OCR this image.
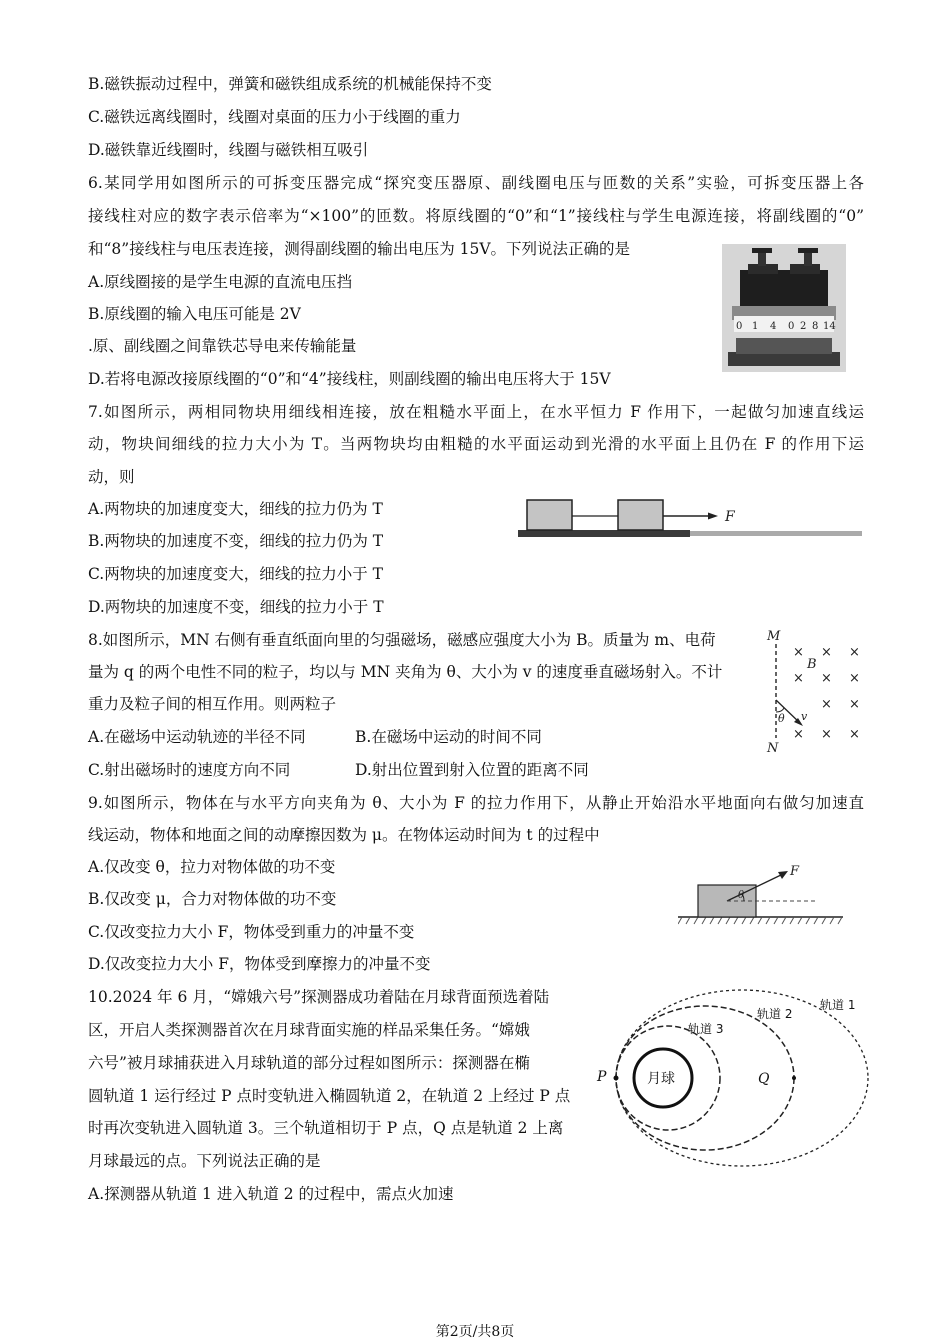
B.磁铁振动过程中，弹簧和磁铁组成系统的机械能保持不变
C.磁铁远离线圈时，线圈对桌面的压力小于线圈的重力
D.磁铁靠近线圈时，线圈与磁铁相互吸引
6.某同学用如图所示的可拆变压器完成“探究变压器原、副线圈电压与匝数的关系”实验，可拆变压器上各
接线柱对应的数字表示倍率为“×100”的匝数。将原线圈的“0”和“1”接线柱与学生电源连接，将副线圈的“0”
和“8”接线柱与电压表连接，测得副线圈的输出电压为 15V。下列说法正确的是
A.原线圈接的是学生电源的直流电压挡
B.原线圈的输入电压可能是 2V
.原、副线圈之间靠铁芯导电来传输能量
D.若将电源改接原线圈的“0”和“4”接线柱，则副线圈的输出电压将大于 15V
0 1 4 0 2 8 14
7.如图所示，两相同物块用细线相连接，放在粗糙水平面上，在水平恒力 F 作用下，一起做匀加速直线运
动，物块间细线的拉力大小为 T。当两物块均由粗糙的水平面运动到光滑的水平面上且仍在 F 的作用下运
动，则
A.两物块的加速度变大，细线的拉力仍为 T
B.两物块的加速度不变，细线的拉力仍为 T
C.两物块的加速度变大，细线的拉力小于 T
D.两物块的加速度不变，细线的拉力小于 T
F
8.如图所示，MN 右侧有垂直纸面向里的匀强磁场，磁感应强度大小为 B。质量为 m、电荷
量为 q 的两个电性不同的粒子，均以与 MN 夹角为 θ、大小为 v 的速度垂直磁场射入。不计
重力及粒子间的相互作用。则两粒子
A.在磁场中运动轨迹的半径不同
C.射出磁场时的速度方向不同
B.在磁场中运动的时间不同
D.射出位置到射入位置的距离不同
M
N
× × ×
× × ×
× ×
× × ×
B
θ v
9.如图所示，物体在与水平方向夹角为 θ、大小为 F 的拉力作用下，从静止开始沿水平地面向右做匀加速直
线运动，物体和地面之间的动摩擦因数为 μ。在物体运动时间为 t 的过程中
A.仅改变 θ，拉力对物体做的功不变
B.仅改变 μ，合力对物体做的功不变
C.仅改变拉力大小 F，物体受到重力的冲量不变
D.仅改变拉力大小 F，物体受到摩擦力的冲量不变
F
θ
10.2024 年 6 月，“嫦娥六号”探测器成功着陆在月球背面预选着陆
区，开启人类探测器首次在月球背面实施的样品采集任务。“嫦娥
六号”被月球捕获进入月球轨道的部分过程如图所示：探测器在椭
圆轨道 1 运行经过 P 点时变轨进入椭圆轨道 2，在轨道 2 上经过 P 点
时再次变轨进入圆轨道 3。三个轨道相切于 P 点，Q 点是轨道 2 上离
月球最远的点。下列说法正确的是
A.探测器从轨道 1 进入轨道 2 的过程中，需点火加速
月球
P	Q
轨道 3
轨道 2
轨道 1
第2页/共8页
